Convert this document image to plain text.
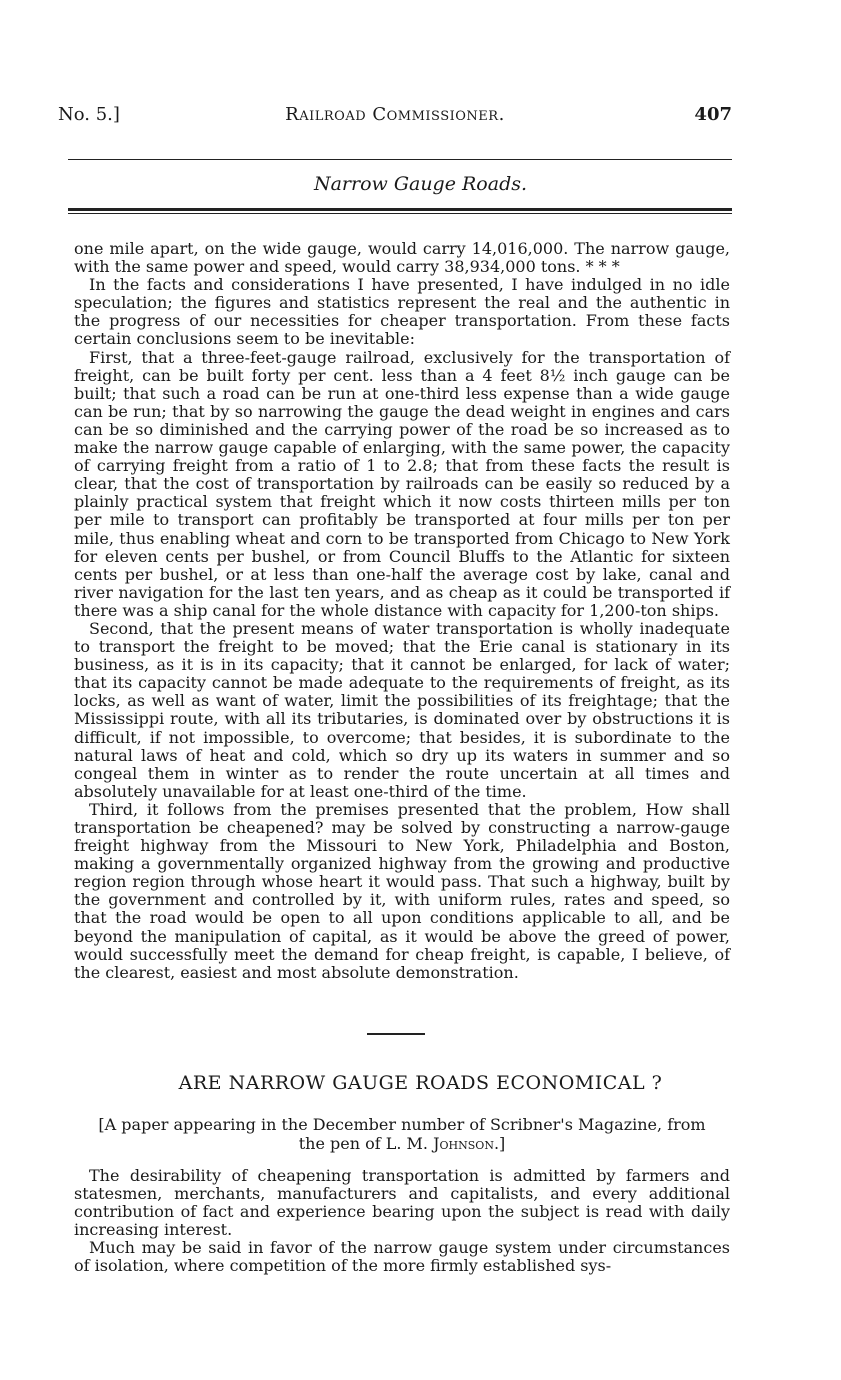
No. 5.]	Railroad Commissioner.	407
Narrow Gauge Roads.

one mile apart, on the wide gauge, would carry 14,016,000. The narrow gauge, with the same power and speed, would carry 38,934,000 tons. * * *

In the facts and considerations I have presented, I have indulged in no idle speculation; the figures and statistics represent the real and the authentic in the progress of our necessities for cheaper transportation. From these facts certain conclusions seem to be inevitable:

First, that a three-feet-gauge railroad, exclusively for the transportation of freight, can be built forty per cent. less than a 4 feet 8½ inch gauge can be built; that such a road can be run at one-third less expense than a wide gauge can be run; that by so narrowing the gauge the dead weight in engines and cars can be so diminished and the carrying power of the road be so increased as to make the narrow gauge capable of enlarging, with the same power, the capacity of carrying freight from a ratio of 1 to 2.8; that from these facts the result is clear, that the cost of transportation by railroads can be easily so reduced by a plainly practical system that freight which it now costs thirteen mills per ton per mile to transport can profitably be transported at four mills per ton per mile, thus enabling wheat and corn to be transported from Chicago to New York for eleven cents per bushel, or from Council Bluffs to the Atlantic for sixteen cents per bushel, or at less than one-half the average cost by lake, canal and river navigation for the last ten years, and as cheap as it could be transported if there was a ship canal for the whole distance with capacity for 1,200-ton ships.

Second, that the present means of water transportation is wholly inadequate to transport the freight to be moved; that the Erie canal is stationary in its business, as it is in its capacity; that it cannot be enlarged, for lack of water; that its capacity cannot be made adequate to the requirements of freight, as its locks, as well as want of water, limit the possibilities of its freightage; that the Mississippi route, with all its tributaries, is dominated over by obstructions it is difficult, if not impossible, to overcome; that besides, it is subordinate to the natural laws of heat and cold, which so dry up its waters in summer and so congeal them in winter as to render the route uncertain at all times and absolutely unavailable for at least one-third of the time.

Third, it follows from the premises presented that the problem, How shall transportation be cheapened? may be solved by constructing a narrow-gauge freight highway from the Missouri to New York, Philadelphia and Boston, making a governmentally organized highway from the growing and productive region region through whose heart it would pass. That such a highway, built by the government and controlled by it, with uniform rules, rates and speed, so that the road would be open to all upon conditions applicable to all, and be beyond the manipulation of capital, as it would be above the greed of power, would successfully meet the demand for cheap freight, is capable, I believe, of the clearest, easiest and most absolute demonstration.

ARE NARROW GAUGE ROADS ECONOMICAL ?
[A paper appearing in the December number of Scribner's Magazine, from
the pen of L. M. Johnson.]

The desirability of cheapening transportation is admitted by farmers and statesmen, merchants, manufacturers and capitalists, and every additional contribution of fact and experience bearing upon the subject is read with daily increasing interest.

Much may be said in favor of the narrow gauge system under circumstances of isolation, where competition of the more firmly established sys-
